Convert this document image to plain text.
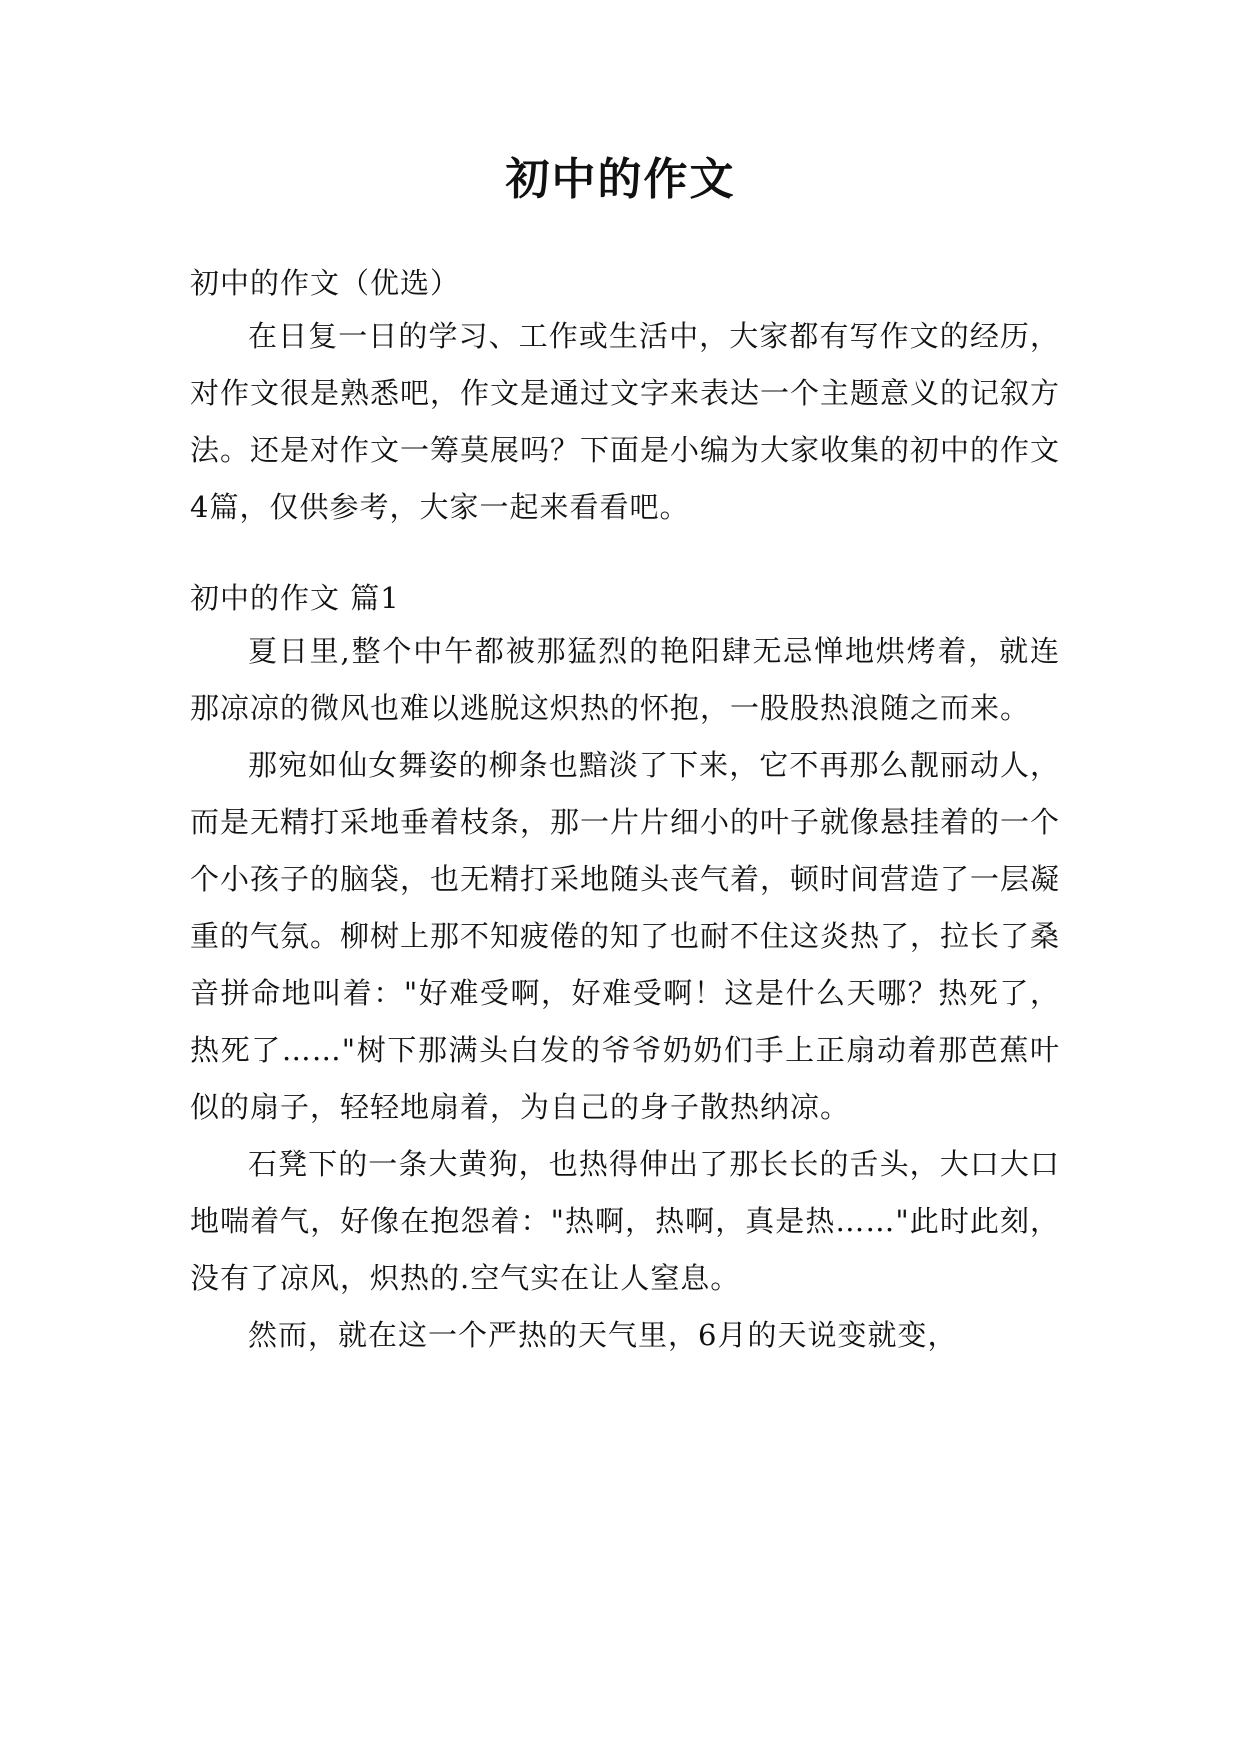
初中的作文
初中的作文（优选）

在日复一日的学习、工作或生活中，大家都有写作文的经历，对作文很是熟悉吧，作文是通过文字来表达一个主题意义的记叙方法。还是对作文一筹莫展吗？下面是小编为大家收集的初中的作文4篇，仅供参考，大家一起来看看吧。

初中的作文 篇1

夏日里,整个中午都被那猛烈的艳阳肆无忌惮地烘烤着，就连那凉凉的微风也难以逃脱这炽热的怀抱，一股股热浪随之而来。

那宛如仙女舞姿的柳条也黯淡了下来，它不再那么靓丽动人，而是无精打采地垂着枝条，那一片片细小的叶子就像悬挂着的一个个小孩子的脑袋，也无精打采地随头丧气着，顿时间营造了一层凝重的气氛。柳树上那不知疲倦的知了也耐不住这炎热了，拉长了桑音拼命地叫着："好难受啊，好难受啊！这是什么天哪？热死了，热死了……"树下那满头白发的爷爷奶奶们手上正扇动着那芭蕉叶似的扇子，轻轻地扇着，为自己的身子散热纳凉。

石凳下的一条大黄狗，也热得伸出了那长长的舌头，大口大口地喘着气，好像在抱怨着："热啊，热啊，真是热……"此时此刻，没有了凉风，炽热的.空气实在让人窒息。

然而，就在这一个严热的天气里，6月的天说变就变，
